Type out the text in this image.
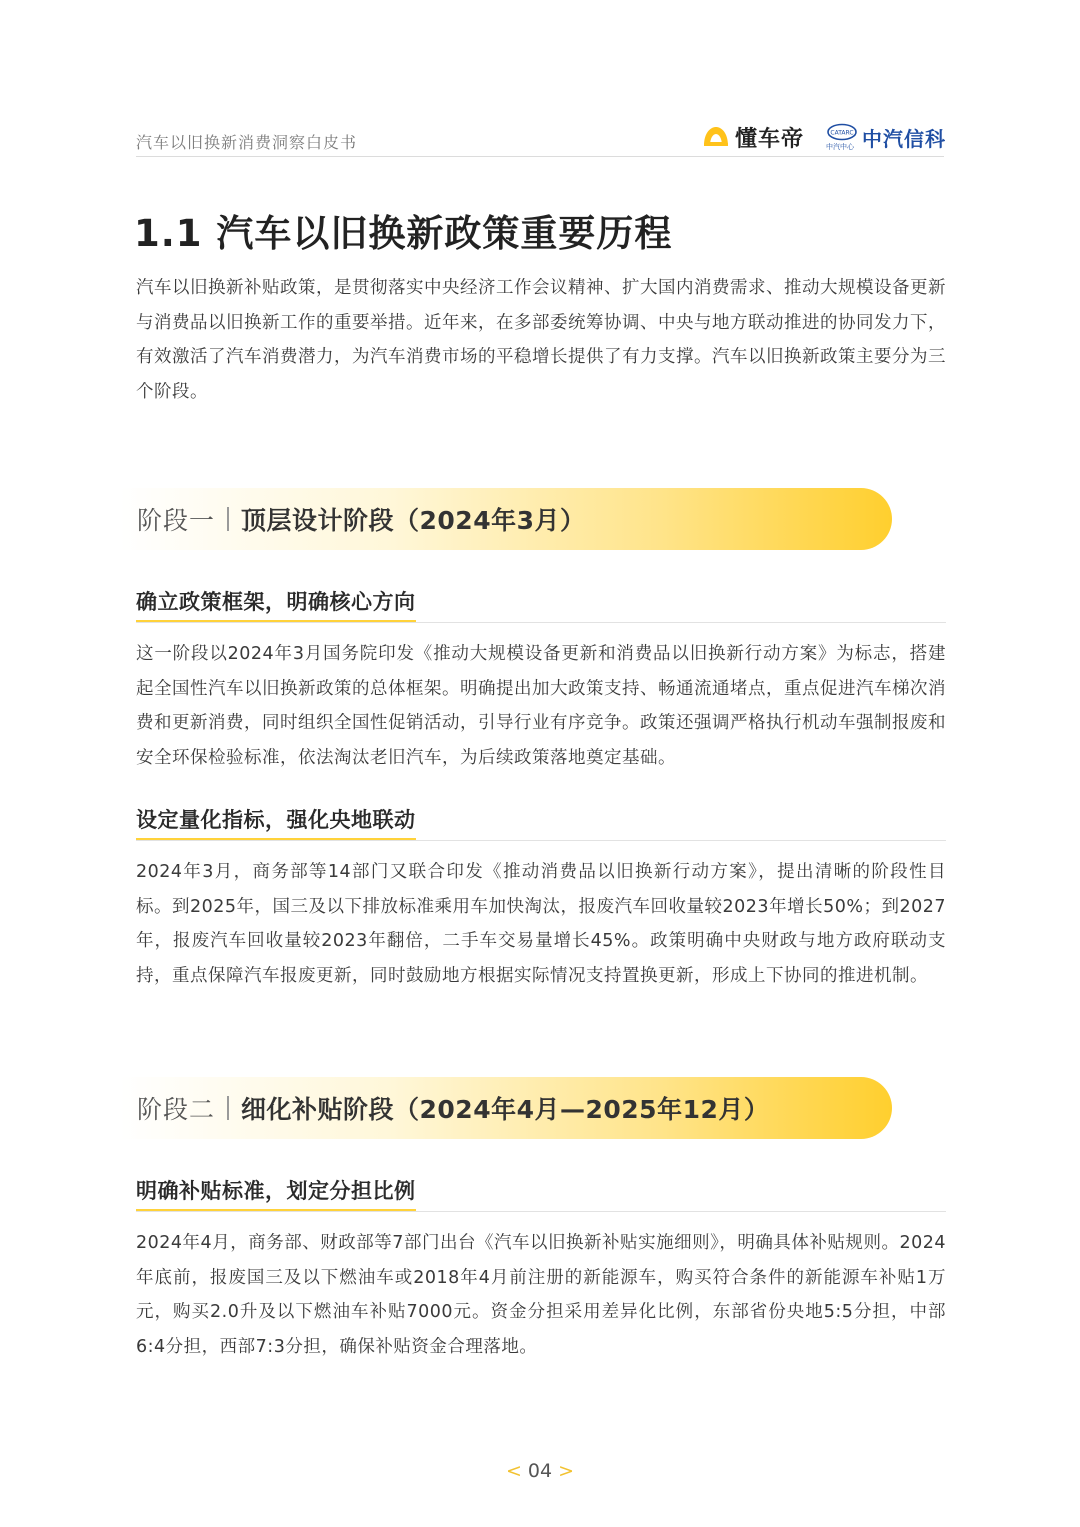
汽车以旧换新消费洞察白皮书	懂车帝	CATARC
中汽中心 中汽信科
1.1 汽车以旧换新政策重要历程

汽车以旧换新补贴政策，是贯彻落实中央经济工作会议精神、扩大国内消费需求、推动大规模设备更新与消费品以旧换新工作的重要举措。近年来，在多部委统筹协调、中央与地方联动推进的协同发力下，有效激活了汽车消费潜力，为汽车消费市场的平稳增长提供了有力支撑。汽车以旧换新政策主要分为三个阶段。

阶段一 顶层设计阶段（2024年3月）
确立政策框架，明确核心方向

这一阶段以2024年3月国务院印发《推动大规模设备更新和消费品以旧换新行动方案》为标志，搭建起全国性汽车以旧换新政策的总体框架。明确提出加大政策支持、畅通流通堵点，重点促进汽车梯次消费和更新消费，同时组织全国性促销活动，引导行业有序竞争。政策还强调严格执行机动车强制报废和安全环保检验标准，依法淘汰老旧汽车，为后续政策落地奠定基础。

设定量化指标，强化央地联动

2024年3月，商务部等14部门又联合印发《推动消费品以旧换新行动方案》，提出清晰的阶段性目标。到2025年，国三及以下排放标准乘用车加快淘汰，报废汽车回收量较2023年增长50%；到2027年，报废汽车回收量较2023年翻倍，二手车交易量增长45%。政策明确中央财政与地方政府联动支持，重点保障汽车报废更新，同时鼓励地方根据实际情况支持置换更新，形成上下协同的推进机制。

阶段二 细化补贴阶段（2024年4月—2025年12月）
明确补贴标准，划定分担比例

2024年4月，商务部、财政部等7部门出台《汽车以旧换新补贴实施细则》，明确具体补贴规则。2024年底前，报废国三及以下燃油车或2018年4月前注册的新能源车，购买符合条件的新能源车补贴1万元，购买2.0升及以下燃油车补贴7000元。资金分担采用差异化比例，东部省份央地5:5分担，中部6:4分担，西部7:3分担，确保补贴资金合理落地。

< 04 >
